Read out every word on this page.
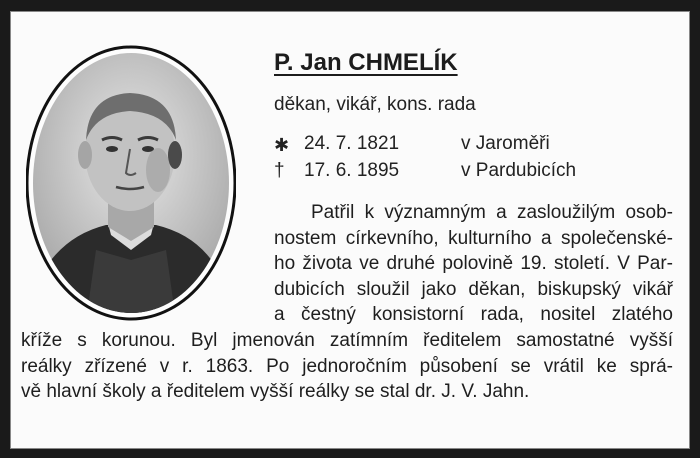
P. Jan CHMELÍK
děkan, vikář, kons. rada
✱ 24. 7. 1821	v Jaroměři
†	17. 6. 1895	v Pardubicích
Patřil k významným a zasloužilým osob-
nostem církevního, kulturního a společenské-
ho života ve druhé polovině 19. století. V Par-
dubicích sloužil jako děkan, biskupský vikář
a čestný konsistorní rada, nositel zlatého
kříže s korunou. Byl jmenován zatímním ředitelem samostatné vyšší
reálky zřízené v r. 1863. Po jednoročním působení se vrátil ke sprá-
vě hlavní školy a ředitelem vyšší reálky se stal dr. J. V. Jahn.
